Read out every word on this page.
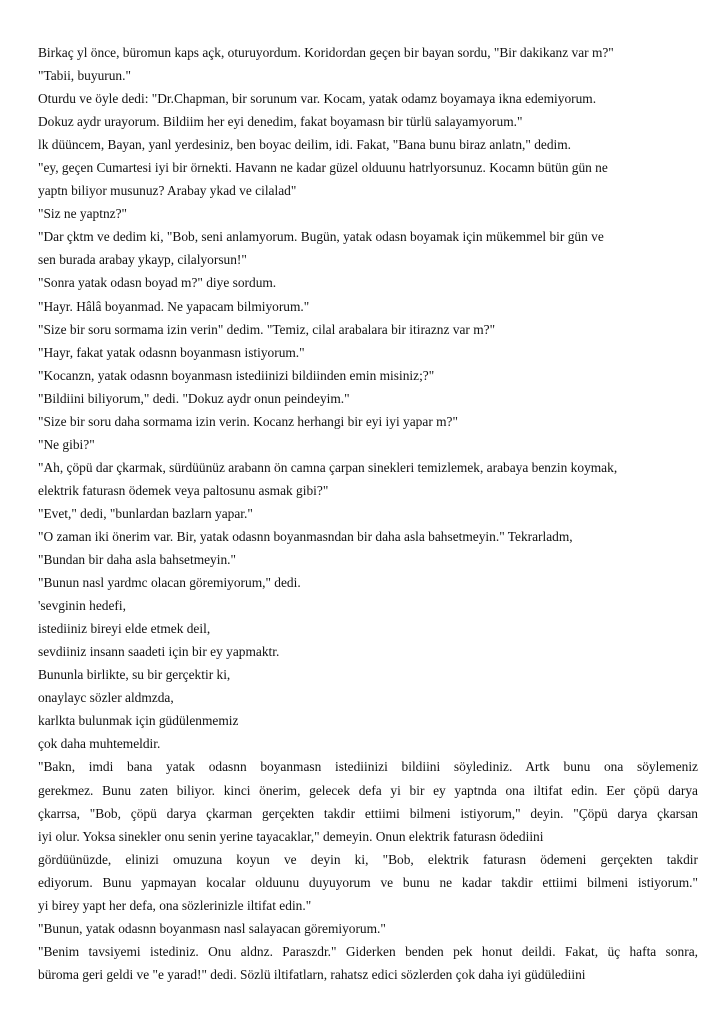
Birkaç yl önce, büromun kaps açk, oturuyordum. Koridordan geçen bir bayan sordu, "Bir dakikanz var m?"
"Tabii, buyurun."
Oturdu ve öyle dedi: "Dr.Chapman, bir sorunum var. Kocam, yatak odamz boyamaya ikna edemiyorum.
Dokuz aydr urayorum. Bildiim her eyi denedim, fakat boyamasn bir türlü salayamyorum."
lk düüncem, Bayan, yanl yerdesiniz, ben boyac deilim, idi. Fakat, "Bana bunu biraz anlatn," dedim.
"ey, geçen Cumartesi iyi bir örnekti. Havann ne kadar güzel olduunu hatrlyorsunuz. Kocamn bütün gün ne
yaptn biliyor musunuz? Arabay ykad ve cilalad"
"Siz ne yaptnz?"
"Dar çktm ve dedim ki, "Bob, seni anlamyorum. Bugün, yatak odasn boyamak için mükemmel bir gün ve
sen burada arabay ykayp, cilalyorsun!"
"Sonra yatak odasn boyad m?" diye sordum.
"Hayr. Hâlâ boyanmad. Ne yapacam bilmiyorum."
"Size bir soru sormama izin verin" dedim. "Temiz, cilal arabalara bir itiraznz var m?"
"Hayr, fakat yatak odasnn boyanmasn istiyorum."
"Kocanzn, yatak odasnn boyanmasn istediinizi bildiinden emin misiniz;?"
"Bildiini biliyorum," dedi. "Dokuz aydr onun peindeyim."
"Size bir soru daha sormama izin verin. Kocanz herhangi bir eyi iyi yapar m?"
"Ne gibi?"
"Ah, çöpü dar çkarmak, sürdüünüz arabann ön camna çarpan sinekleri temizlemek, arabaya benzin koymak,
elektrik faturasn ödemek veya paltosunu asmak gibi?"
"Evet," dedi, "bunlardan bazlarn yapar."
"O zaman iki önerim var. Bir, yatak odasnn boyanmasndan bir daha asla bahsetmeyin." Tekrarladm,
"Bundan bir daha asla bahsetmeyin."
"Bunun nasl yardmc olacan göremiyorum," dedi.
'sevginin hedefi,
istediiniz bireyi elde etmek deil,
sevdiiniz insann saadeti için bir ey yapmaktr.
Bununla birlikte, su bir gerçektir ki,
onaylayc sözler aldmzda,
karlkta bulunmak için güdülenmemiz
çok daha muhtemeldir.
"Bakn, imdi bana yatak odasnn boyanmasn istediinizi bildiini söylediniz. Artk bunu ona söylemeniz
gerekmez. Bunu zaten biliyor. kinci önerim, gelecek defa yi bir ey yaptnda ona iltifat edin. Eer çöpü darya
çkarrsa, "Bob, çöpü darya çkarman gerçekten takdir ettiimi bilmeni istiyorum," deyin. "Çöpü darya çkarsan
iyi olur. Yoksa sinekler onu senin yerine tayacaklar," demeyin. Onun elektrik faturasn ödediini
gördüünüzde, elinizi omuzuna koyun ve deyin ki, "Bob, elektrik faturasn ödemeni gerçekten takdir
ediyorum. Bunu yapmayan kocalar olduunu duyuyorum ve bunu ne kadar takdir ettiimi bilmeni istiyorum."
yi birey yapt her defa, ona sözlerinizle iltifat edin."
"Bunun, yatak odasnn boyanmasn nasl salayacan göremiyorum."
"Benim tavsiyemi istediniz. Onu aldnz. Paraszdr." Giderken benden pek honut deildi. Fakat, üç hafta sonra,
büroma geri geldi ve "e yarad!" dedi. Sözlü iltifatlarn, rahatsz edici sözlerden çok daha iyi güdülediini
